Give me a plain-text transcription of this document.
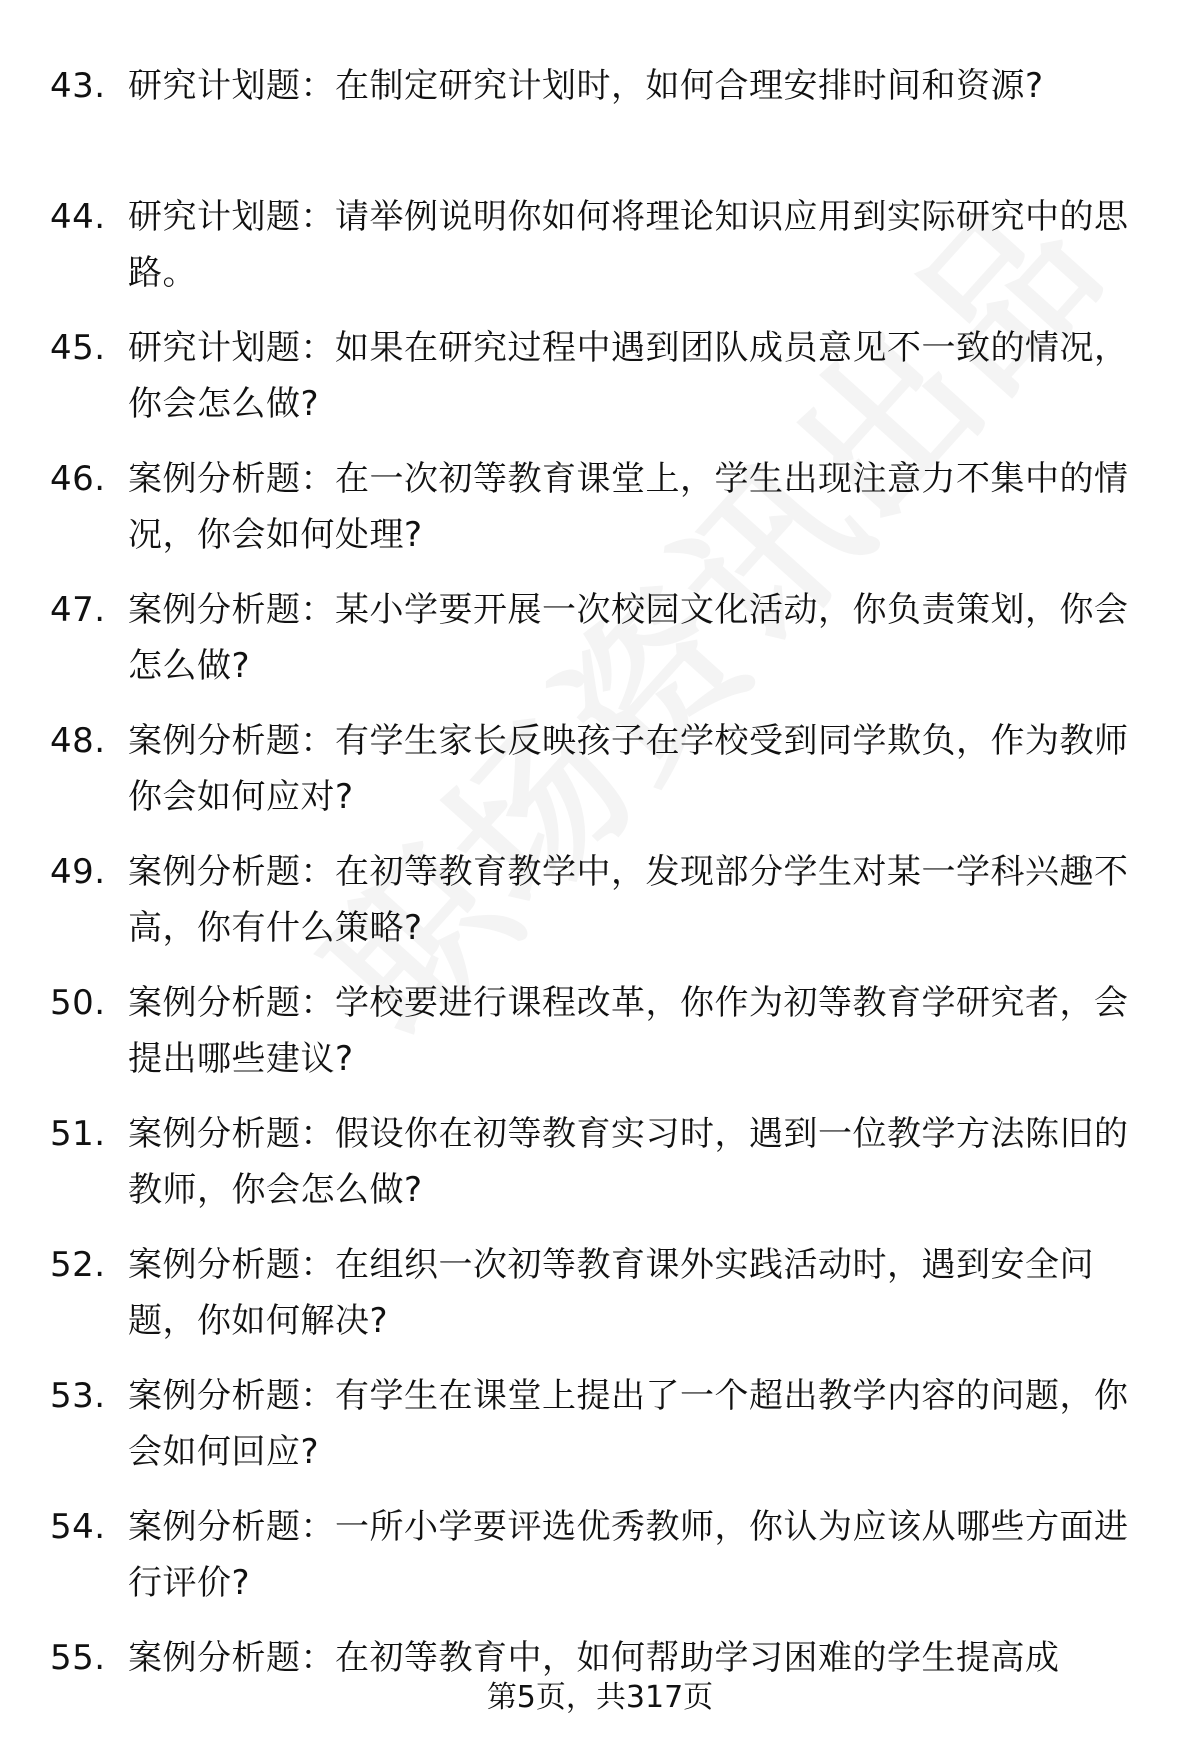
43. 研究计划题：在制定研究计划时，如何合理安排时间和资源?
44. 研究计划题：请举例说明你如何将理论知识应用到实际研究中的思路。
45. 研究计划题：如果在研究过程中遇到团队成员意见不一致的情况，你会怎么做?
46. 案例分析题：在一次初等教育课堂上，学生出现注意力不集中的情况，你会如何处理?
47. 案例分析题：某小学要开展一次校园文化活动，你负责策划，你会怎么做?
48. 案例分析题：有学生家长反映孩子在学校受到同学欺负，作为教师你会如何应对?
49. 案例分析题：在初等教育教学中，发现部分学生对某一学科兴趣不高，你有什么策略?
50. 案例分析题：学校要进行课程改革，你作为初等教育学研究者，会提出哪些建议?
51. 案例分析题：假设你在初等教育实习时，遇到一位教学方法陈旧的教师，你会怎么做?
52. 案例分析题：在组织一次初等教育课外实践活动时，遇到安全问题，你如何解决?
53. 案例分析题：有学生在课堂上提出了一个超出教学内容的问题，你会如何回应?
54. 案例分析题：一所小学要评选优秀教师，你认为应该从哪些方面进行评价?
55. 案例分析题：在初等教育中，如何帮助学习困难的学生提高成
第5页，共317页
